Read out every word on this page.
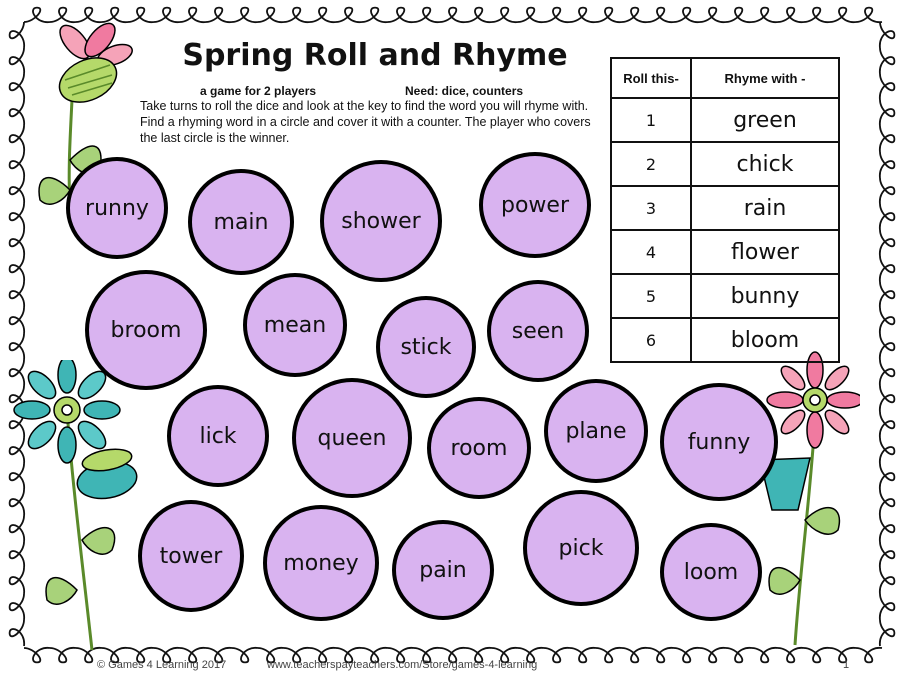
Spring Roll and Rhyme
a game for 2 players	Need: dice, counters
Take turns to roll the dice and look at the key to find the word you will rhyme with. Find a rhyming word in a circle and cover it with a counter. The player who covers the last circle is the winner.
Roll this-	Rhyme with -
1	green
2	chick
3	rain
4	flower
5	bunny
6	bloom
runny
main	shower
power
broom	mean
stick
seen
lick	queen	room
plane	funny
tower	money	pain
pick
loom
© Games 4 Learning 2017	www.teacherspayteachers.com/Store/games-4-learning	1
